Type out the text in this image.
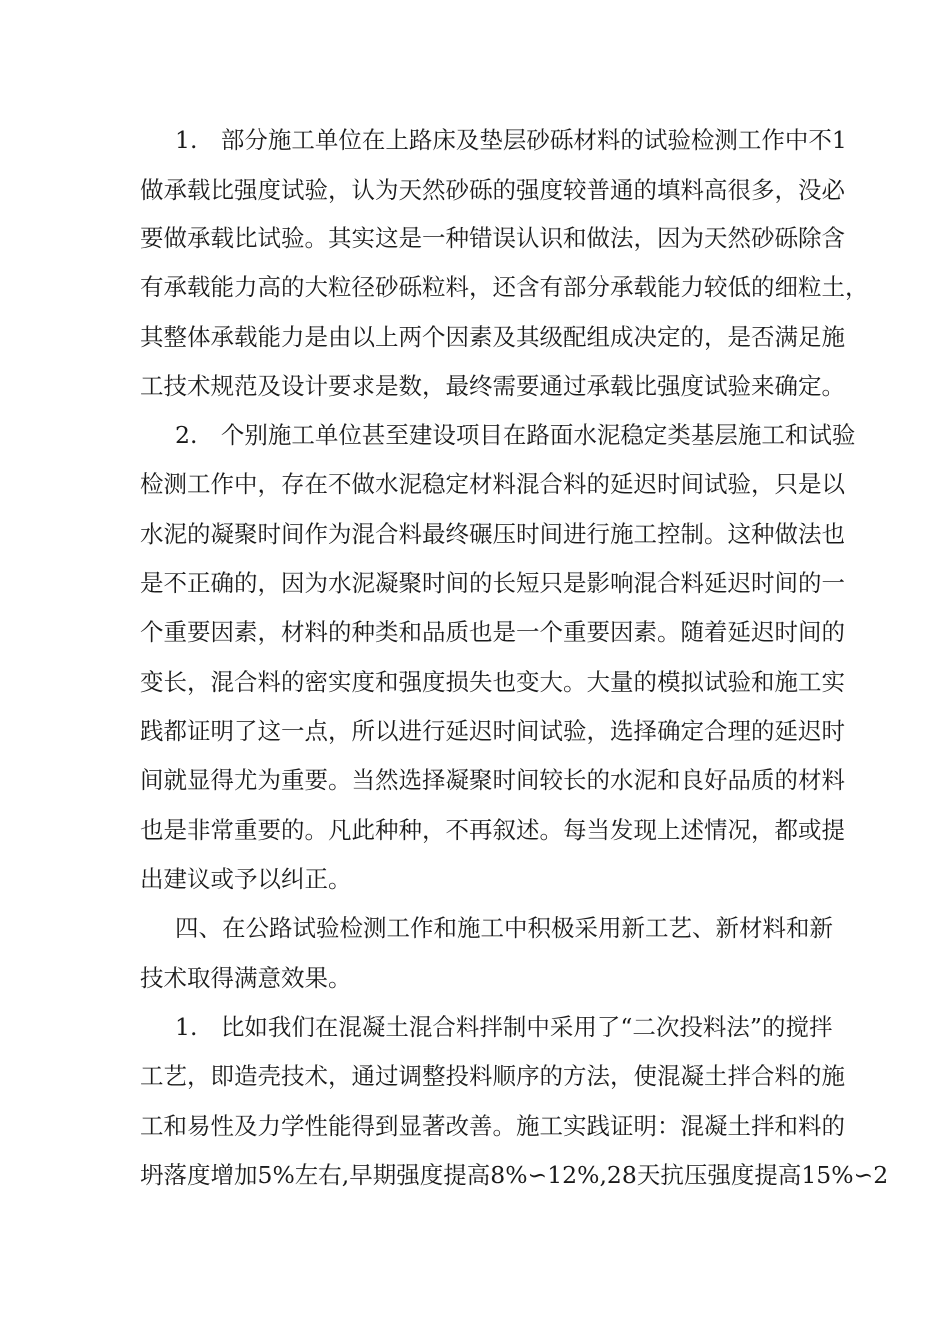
1.　部分施工单位在上路床及垫层砂砾材料的试验检测工作中不1
做承载比强度试验，认为天然砂砾的强度较普通的填料高很多，没必
要做承载比试验。其实这是一种错误认识和做法，因为天然砂砾除含
有承载能力高的大粒径砂砾粒料，还含有部分承载能力较低的细粒土，
其整体承载能力是由以上两个因素及其级配组成决定的，是否满足施
工技术规范及设计要求是数，最终需要通过承载比强度试验来确定。
2.　个别施工单位甚至建设项目在路面水泥稳定类基层施工和试验
检测工作中，存在不做水泥稳定材料混合料的延迟时间试验，只是以
水泥的凝聚时间作为混合料最终碾压时间进行施工控制。这种做法也
是不正确的，因为水泥凝聚时间的长短只是影响混合料延迟时间的一
个重要因素，材料的种类和品质也是一个重要因素。随着延迟时间的
变长，混合料的密实度和强度损失也变大。大量的模拟试验和施工实
践都证明了这一点，所以进行延迟时间试验，选择确定合理的延迟时
间就显得尤为重要。当然选择凝聚时间较长的水泥和良好品质的材料
也是非常重要的。凡此种种，不再叙述。每当发现上述情况，都或提
出建议或予以纠正。
四、在公路试验检测工作和施工中积极采用新工艺、新材料和新
技术取得满意效果。
1.　比如我们在混凝土混合料拌制中采用了“二次投料法”的搅拌
工艺，即造壳技术，通过调整投料顺序的方法，使混凝土拌合料的施
工和易性及力学性能得到显著改善。施工实践证明：混凝土拌和料的
坍落度增加5%左右,早期强度提高8%∽12%,28天抗压强度提高15%∽2
